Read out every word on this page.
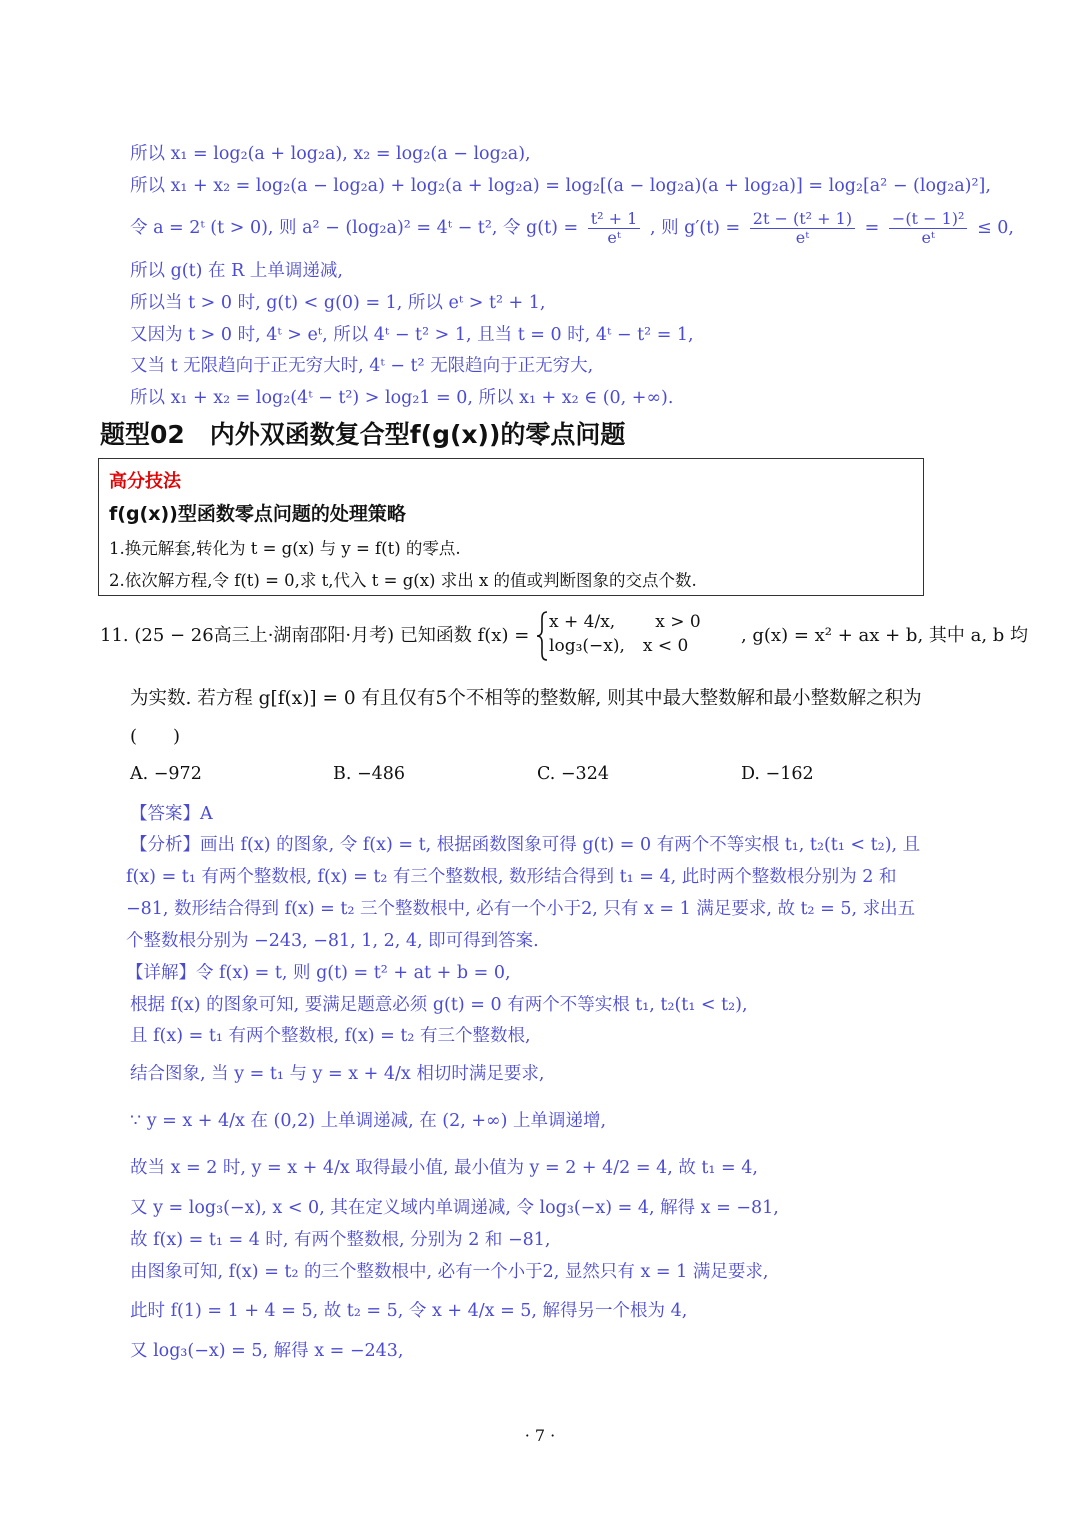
所以 x₁ = log₂(a + log₂a), x₂ = log₂(a − log₂a),
所以 x₁ + x₂ = log₂(a − log₂a) + log₂(a + log₂a) = log₂[(a − log₂a)(a + log₂a)] = log₂[a² − (log₂a)²],
令 a = 2ᵗ (t > 0), 则 a² − (log₂a)² = 4ᵗ − t², 令 $g(t) = \frac{\text{t² + 1}}{\text{eᵗ}}$ , 则 $g'(t) = \frac{\text{2t − (t² + 1)}}{\text{eᵗ}} = \frac{\text{−(t − 1)²}}{\text{eᵗ}} \le 0$,
所以 g(t) 在 R 上单调递减,
所以当 t > 0 时, g(t) < g(0) = 1, 所以 eᵗ > t² + 1,
又因为 t > 0 时, 4ᵗ > eᵗ, 所以 4ᵗ − t² > 1, 且当 t = 0 时, 4ᵗ − t² = 1,
又当 t 无限趋向于正无穷大时, 4ᵗ − t² 无限趋向于正无穷大,
所以 x₁ + x₂ = log₂(4ᵗ − t²) > log₂1 = 0, 所以 x₁ + x₂ ∈ (0, +∞).
题型02　内外双函数复合型f(g(x))的零点问题
高分技法
f(g(x))型函数零点问题的处理策略
1.换元解套,转化为 t = g(x) 与 y = f(t) 的零点.
2.依次解方程,令 f(t) = 0,求 t,代入 t = g(x) 求出 x 的值或判断图象的交点个数.
11. (25 − 26高三上·湖南邵阳·月考) 已知函数 f(x) =
x + 4/x, x > 0
log₃(−x), x < 0	, g(x) = x² + ax + b, 其中 a, b 均
为实数. 若方程 g[f(x)] = 0 有且仅有5个不相等的整数解, 则其中最大整数解和最小整数解之积为
(　　)
A. −972	B. −486	C. −324	D. −162
【答案】A
【分析】画出 f(x) 的图象, 令 f(x) = t, 根据函数图象可得 g(t) = 0 有两个不等实根 t₁, t₂(t₁ < t₂), 且
f(x) = t₁ 有两个整数根, f(x) = t₂ 有三个整数根, 数形结合得到 t₁ = 4, 此时两个整数根分别为 2 和
−81, 数形结合得到 f(x) = t₂ 三个整数根中, 必有一个小于2, 只有 x = 1 满足要求, 故 t₂ = 5, 求出五
个整数根分别为 −243, −81, 1, 2, 4, 即可得到答案.
【详解】令 f(x) = t, 则 g(t) = t² + at + b = 0,
根据 f(x) 的图象可知, 要满足题意必须 g(t) = 0 有两个不等实根 t₁, t₂(t₁ < t₂),
且 f(x) = t₁ 有两个整数根, f(x) = t₂ 有三个整数根,
结合图象, 当 y = t₁ 与 y = x + 4/x 相切时满足要求,
∵ y = x + 4/x 在 (0,2) 上单调递减, 在 (2, +∞) 上单调递增,
故当 x = 2 时, y = x + 4/x 取得最小值, 最小值为 y = 2 + 4/2 = 4, 故 t₁ = 4,
又 y = log₃(−x), x < 0, 其在定义域内单调递减, 令 log₃(−x) = 4, 解得 x = −81,
故 f(x) = t₁ = 4 时, 有两个整数根, 分别为 2 和 −81,
由图象可知, f(x) = t₂ 的三个整数根中, 必有一个小于2, 显然只有 x = 1 满足要求,
此时 f(1) = 1 + 4 = 5, 故 t₂ = 5, 令 x + 4/x = 5, 解得另一个根为 4,
又 log₃(−x) = 5, 解得 x = −243,
· 7 ·
